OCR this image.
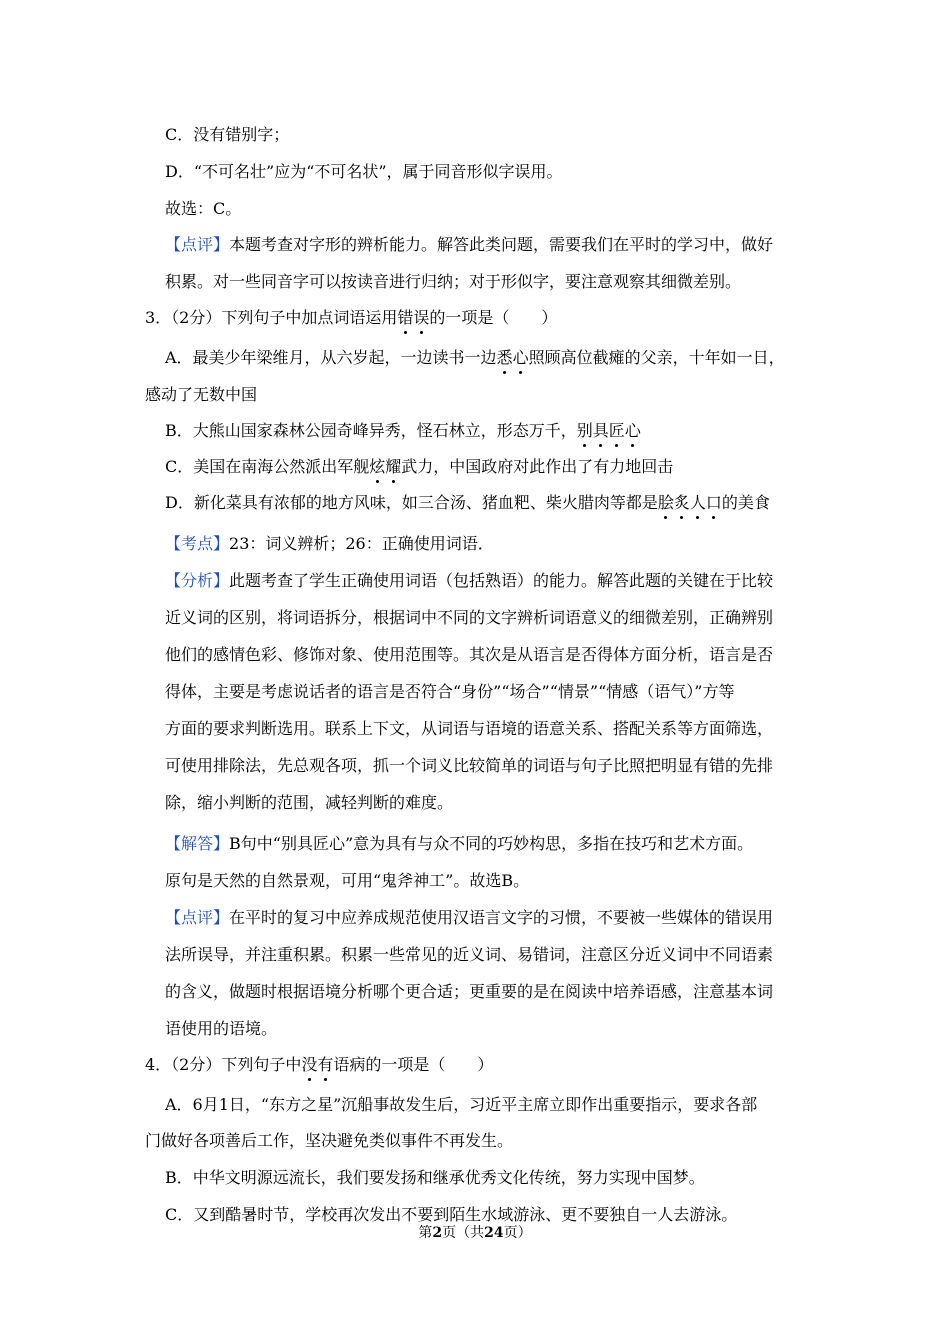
C．没有错别字；
D．“不可名壮”应为“不可名状”，属于同音形似字误用。
故选：C。
【点评】本题考查对字形的辨析能力。解答此类问题，需要我们在平时的学习中，做好
积累。对一些同音字可以按读音进行归纳；对于形似字，要注意观察其细微差别。
3．（2分）下列句子中加点词语运用错误的一项是（　　）
A．最美少年梁维月，从六岁起，一边读书一边悉心照顾高位截瘫的父亲，十年如一日，
感动了无数中国
B．大熊山国家森林公园奇峰异秀，怪石林立，形态万千，别具匠心
C．美国在南海公然派出军舰炫耀武力，中国政府对此作出了有力地回击
D．新化菜具有浓郁的地方风味，如三合汤、猪血粑、柴火腊肉等都是脍炙人口的美食
【考点】23：词义辨析；26：正确使用词语．
【分析】此题考查了学生正确使用词语（包括熟语）的能力。解答此题的关键在于比较
近义词的区别，将词语拆分，根据词中不同的文字辨析词语意义的细微差别，正确辨别
他们的感情色彩、修饰对象、使用范围等。其次是从语言是否得体方面分析，语言是否
得体，主要是考虑说话者的语言是否符合“身份”“场合”“情景”“情感（语气）”方等
方面的要求判断选用。联系上下文，从词语与语境的语意关系、搭配关系等方面筛选，
可使用排除法，先总观各项，抓一个词义比较简单的词语与句子比照把明显有错的先排
除，缩小判断的范围，减轻判断的难度。
【解答】B句中“别具匠心”意为具有与众不同的巧妙构思，多指在技巧和艺术方面。
原句是天然的自然景观，可用“鬼斧神工”。故选B。
【点评】在平时的复习中应养成规范使用汉语言文字的习惯，不要被一些媒体的错误用
法所误导，并注重积累。积累一些常见的近义词、易错词，注意区分近义词中不同语素
的含义，做题时根据语境分析哪个更合适；更重要的是在阅读中培养语感，注意基本词
语使用的语境。
4．（2分）下列句子中没有语病的一项是（　　）
A．6月1日，“东方之星”沉船事故发生后，习近平主席立即作出重要指示，要求各部
门做好各项善后工作，坚决避免类似事件不再发生。
B．中华文明源远流长，我们要发扬和继承优秀文化传统，努力实现中国梦。
C．又到酷暑时节，学校再次发出不要到陌生水域游泳、更不要独自一人去游泳。
第2页（共24页）
